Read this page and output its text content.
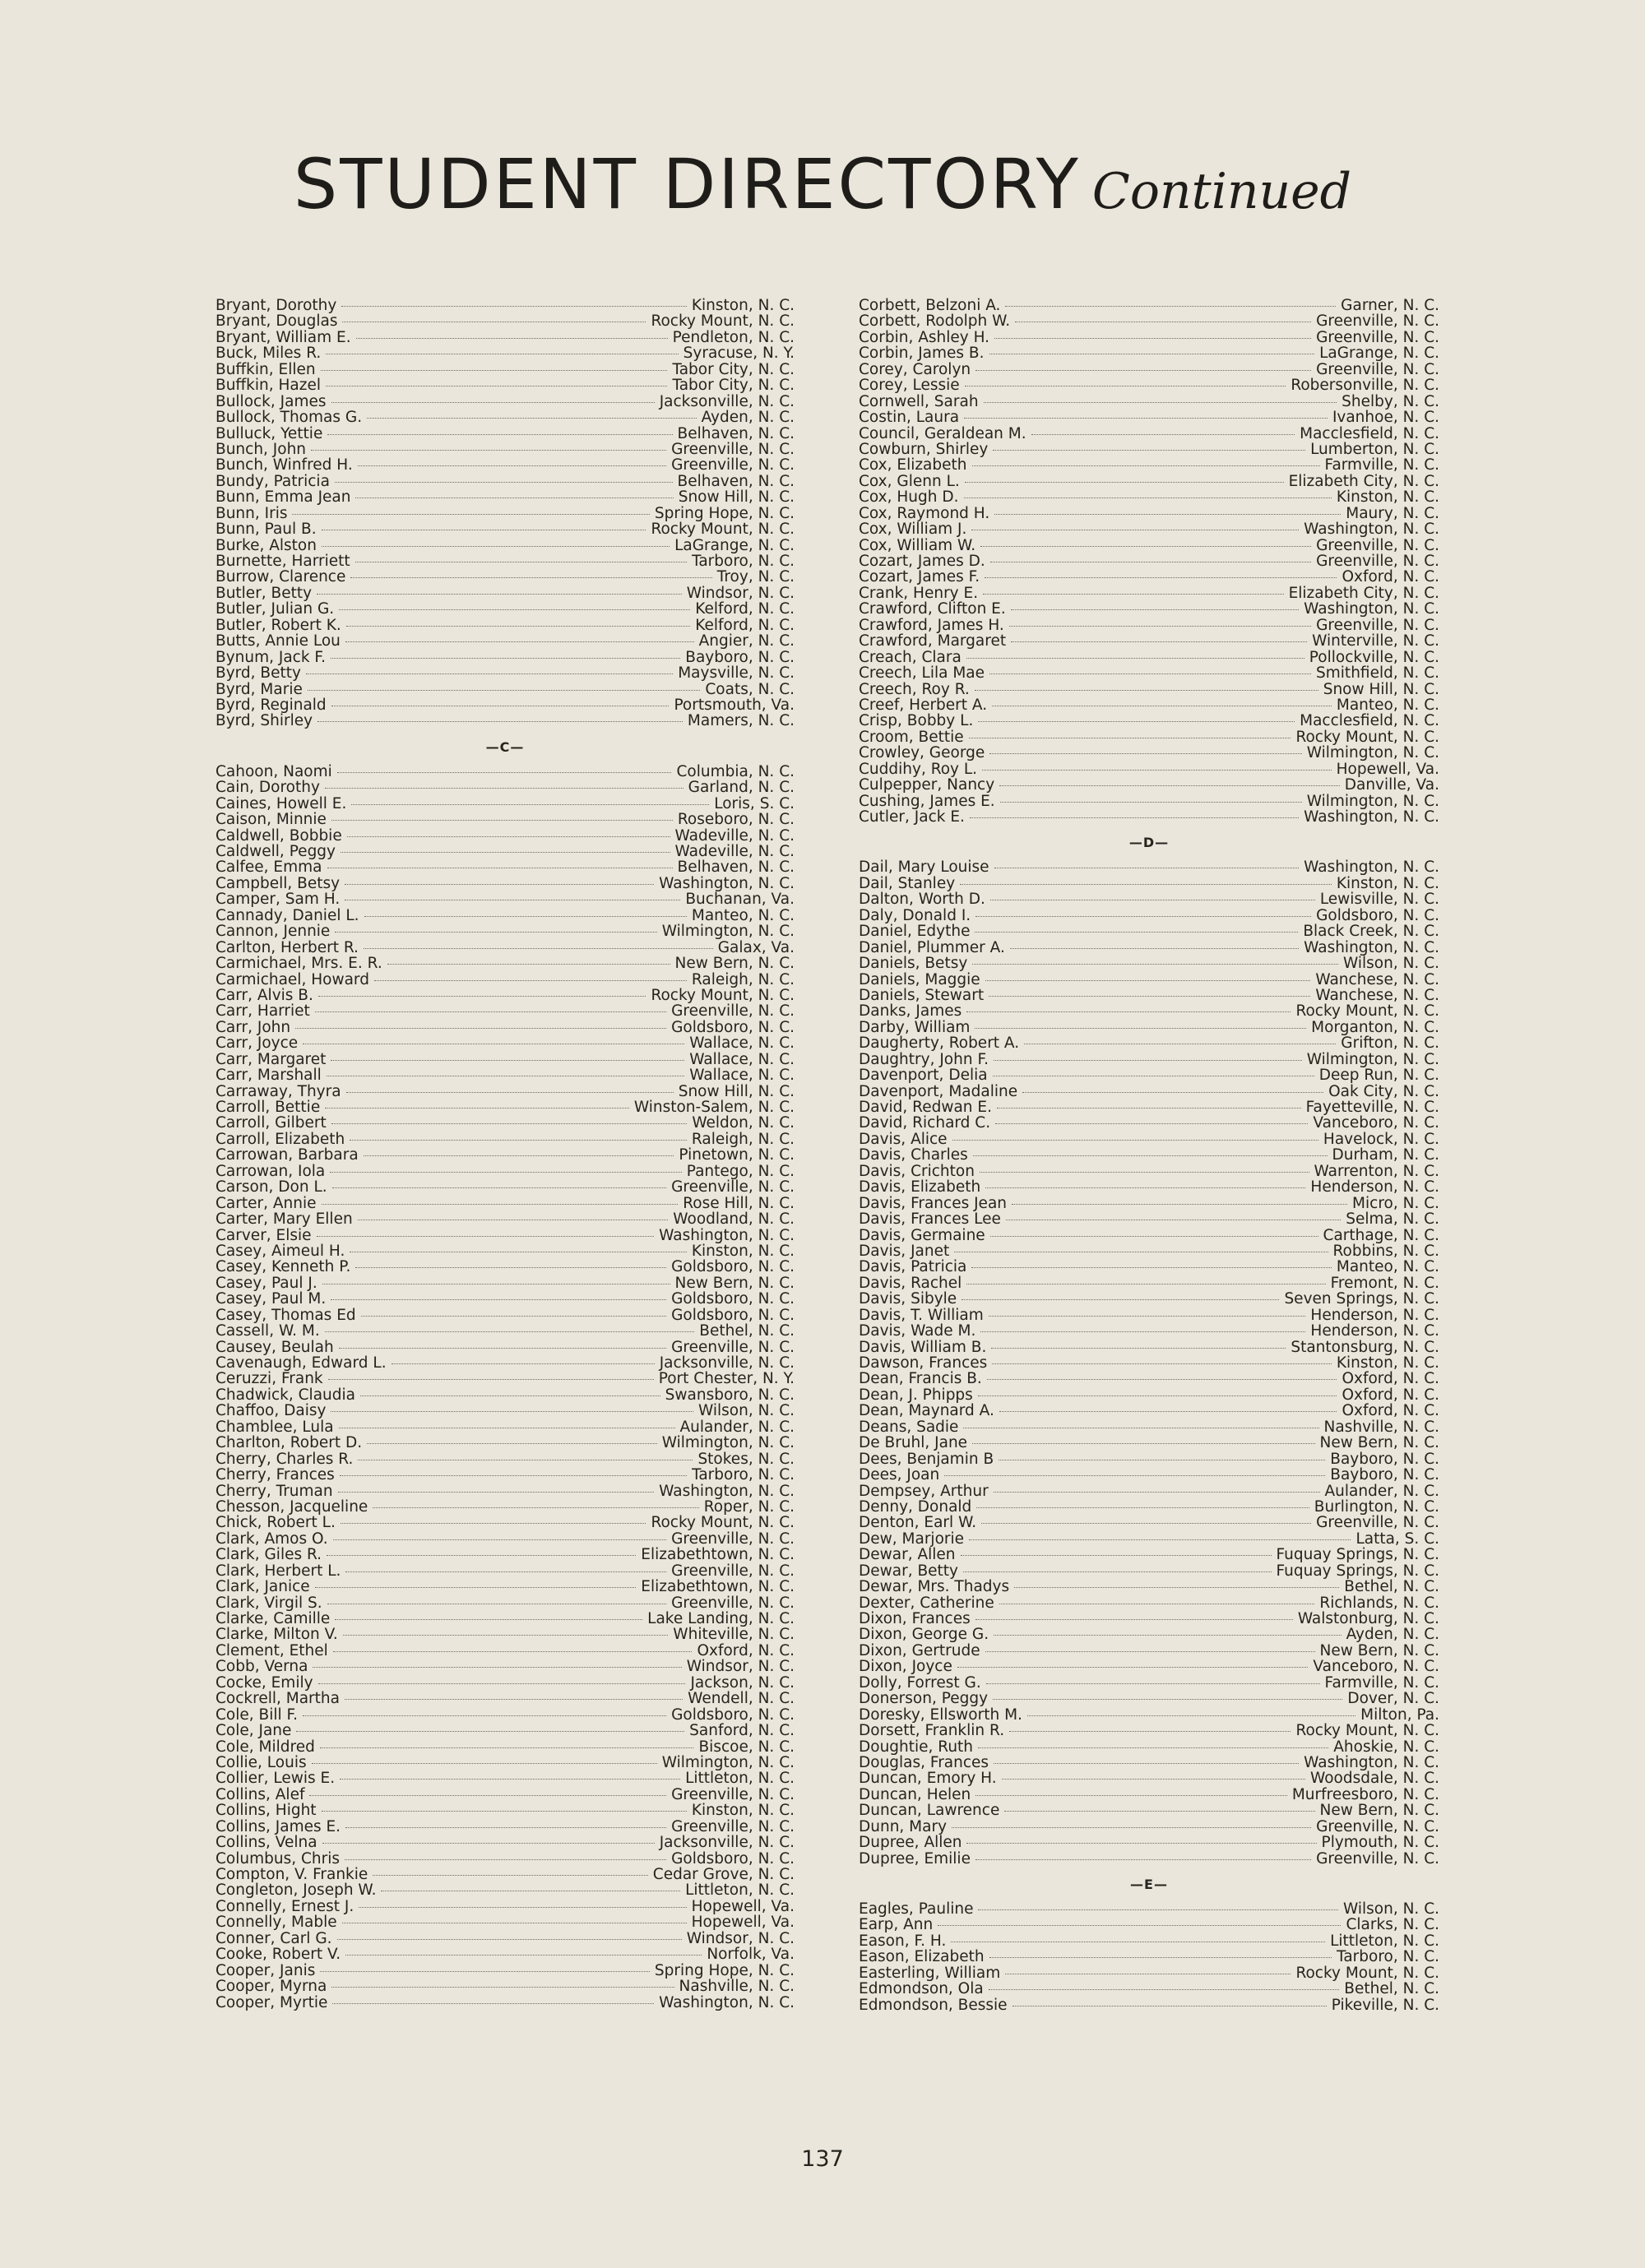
STUDENT DIRECTORY Continued
Bryant, Dorothy	Kinston, N. C.
Bryant, Douglas	Rocky Mount, N. C.
Bryant, William E.	Pendleton, N. C.
Buck, Miles R.	Syracuse, N. Y.
Buffkin, Ellen	Tabor City, N. C.
Buffkin, Hazel	Tabor City, N. C.
Bullock, James	Jacksonville, N. C.
Bullock, Thomas G.	Ayden, N. C.
Bulluck, Yettie	Belhaven, N. C.
Bunch, John	Greenville, N. C.
Bunch, Winfred H.	Greenville, N. C.
Bundy, Patricia	Belhaven, N. C.
Bunn, Emma Jean	Snow Hill, N. C.
Bunn, Iris	Spring Hope, N. C.
Bunn, Paul B.	Rocky Mount, N. C.
Burke, Alston	LaGrange, N. C.
Burnette, Harriett	Tarboro, N. C.
Burrow, Clarence	Troy, N. C.
Butler, Betty	Windsor, N. C.
Butler, Julian G.	Kelford, N. C.
Butler, Robert K.	Kelford, N. C.
Butts, Annie Lou	Angier, N. C.
Bynum, Jack F.	Bayboro, N. C.
Byrd, Betty	Maysville, N. C.
Byrd, Marie	Coats, N. C.
Byrd, Reginald	Portsmouth, Va.
Byrd, Shirley	Mamers, N. C.
—C—
Cahoon, Naomi	Columbia, N. C.
Cain, Dorothy	Garland, N. C.
Caines, Howell E.	Loris, S. C.
Caison, Minnie	Roseboro, N. C.
Caldwell, Bobbie	Wadeville, N. C.
Caldwell, Peggy	Wadeville, N. C.
Calfee, Emma	Belhaven, N. C.
Campbell, Betsy	Washington, N. C.
Camper, Sam H.	Buchanan, Va.
Cannady, Daniel L.	Manteo, N. C.
Cannon, Jennie	Wilmington, N. C.
Carlton, Herbert R.	Galax, Va.
Carmichael, Mrs. E. R.	New Bern, N. C.
Carmichael, Howard	Raleigh, N. C.
Carr, Alvis B.	Rocky Mount, N. C.
Carr, Harriet	Greenville, N. C.
Carr, John	Goldsboro, N. C.
Carr, Joyce	Wallace, N. C.
Carr, Margaret	Wallace, N. C.
Carr, Marshall	Wallace, N. C.
Carraway, Thyra	Snow Hill, N. C.
Carroll, Bettie	Winston-Salem, N. C.
Carroll, Gilbert	Weldon, N. C.
Carroll, Elizabeth	Raleigh, N. C.
Carrowan, Barbara	Pinetown, N. C.
Carrowan, Iola	Pantego, N. C.
Carson, Don L.	Greenville, N. C.
Carter, Annie	Rose Hill, N. C.
Carter, Mary Ellen	Woodland, N. C.
Carver, Elsie	Washington, N. C.
Casey, Aimeul H.	Kinston, N. C.
Casey, Kenneth P.	Goldsboro, N. C.
Casey, Paul J.	New Bern, N. C.
Casey, Paul M.	Goldsboro, N. C.
Casey, Thomas Ed	Goldsboro, N. C.
Cassell, W. M.	Bethel, N. C.
Causey, Beulah	Greenville, N. C.
Cavenaugh, Edward L.	Jacksonville, N. C.
Ceruzzi, Frank	Port Chester, N. Y.
Chadwick, Claudia	Swansboro, N. C.
Chaffoo, Daisy	Wilson, N. C.
Chamblee, Lula	Aulander, N. C.
Charlton, Robert D.	Wilmington, N. C.
Cherry, Charles R.	Stokes, N. C.
Cherry, Frances	Tarboro, N. C.
Cherry, Truman	Washington, N. C.
Chesson, Jacqueline	Roper, N. C.
Chick, Robert L.	Rocky Mount, N. C.
Clark, Amos O.	Greenville, N. C.
Clark, Giles R.	Elizabethtown, N. C.
Clark, Herbert L.	Greenville, N. C.
Clark, Janice	Elizabethtown, N. C.
Clark, Virgil S.	Greenville, N. C.
Clarke, Camille	Lake Landing, N. C.
Clarke, Milton V.	Whiteville, N. C.
Clement, Ethel	Oxford, N. C.
Cobb, Verna	Windsor, N. C.
Cocke, Emily	Jackson, N. C.
Cockrell, Martha	Wendell, N. C.
Cole, Bill F.	Goldsboro, N. C.
Cole, Jane	Sanford, N. C.
Cole, Mildred	Biscoe, N. C.
Collie, Louis	Wilmington, N. C.
Collier, Lewis E.	Littleton, N. C.
Collins, Alef	Greenville, N. C.
Collins, Hight	Kinston, N. C.
Collins, James E.	Greenville, N. C.
Collins, Velna	Jacksonville, N. C.
Columbus, Chris	Goldsboro, N. C.
Compton, V. Frankie	Cedar Grove, N. C.
Congleton, Joseph W.	Littleton, N. C.
Connelly, Ernest J.	Hopewell, Va.
Connelly, Mable	Hopewell, Va.
Conner, Carl G.	Windsor, N. C.
Cooke, Robert V.	Norfolk, Va.
Cooper, Janis	Spring Hope, N. C.
Cooper, Myrna	Nashville, N. C.
Cooper, Myrtie	Washington, N. C.
Corbett, Belzoni A.	Garner, N. C.
Corbett, Rodolph W.	Greenville, N. C.
Corbin, Ashley H.	Greenville, N. C.
Corbin, James B.	LaGrange, N. C.
Corey, Carolyn	Greenville, N. C.
Corey, Lessie	Robersonville, N. C.
Cornwell, Sarah	Shelby, N. C.
Costin, Laura	Ivanhoe, N. C.
Council, Geraldean M.	Macclesfield, N. C.
Cowburn, Shirley	Lumberton, N. C.
Cox, Elizabeth	Farmville, N. C.
Cox, Glenn L.	Elizabeth City, N. C.
Cox, Hugh D.	Kinston, N. C.
Cox, Raymond H.	Maury, N. C.
Cox, William J.	Washington, N. C.
Cox, William W.	Greenville, N. C.
Cozart, James D.	Greenville, N. C.
Cozart, James F.	Oxford, N. C.
Crank, Henry E.	Elizabeth City, N. C.
Crawford, Clifton E.	Washington, N. C.
Crawford, James H.	Greenville, N. C.
Crawford, Margaret	Winterville, N. C.
Creach, Clara	Pollockville, N. C.
Creech, Lila Mae	Smithfield, N. C.
Creech, Roy R.	Snow Hill, N. C.
Creef, Herbert A.	Manteo, N. C.
Crisp, Bobby L.	Macclesfield, N. C.
Croom, Bettie	Rocky Mount, N. C.
Crowley, George	Wilmington, N. C.
Cuddihy, Roy L.	Hopewell, Va.
Culpepper, Nancy	Danville, Va.
Cushing, James E.	Wilmington, N. C.
Cutler, Jack E.	Washington, N. C.
—D—
Dail, Mary Louise	Washington, N. C.
Dail, Stanley	Kinston, N. C.
Dalton, Worth D.	Lewisville, N. C.
Daly, Donald I.	Goldsboro, N. C.
Daniel, Edythe	Black Creek, N. C.
Daniel, Plummer A.	Washington, N. C.
Daniels, Betsy	Wilson, N. C.
Daniels, Maggie	Wanchese, N. C.
Daniels, Stewart	Wanchese, N. C.
Danks, James	Rocky Mount, N. C.
Darby, William	Morganton, N. C.
Daugherty, Robert A.	Grifton, N. C.
Daughtry, John F.	Wilmington, N. C.
Davenport, Delia	Deep Run, N. C.
Davenport, Madaline	Oak City, N. C.
David, Redwan E.	Fayetteville, N. C.
David, Richard C.	Vanceboro, N. C.
Davis, Alice	Havelock, N. C.
Davis, Charles	Durham, N. C.
Davis, Crichton	Warrenton, N. C.
Davis, Elizabeth	Henderson, N. C.
Davis, Frances Jean	Micro, N. C.
Davis, Frances Lee	Selma, N. C.
Davis, Germaine	Carthage, N. C.
Davis, Janet	Robbins, N. C.
Davis, Patricia	Manteo, N. C.
Davis, Rachel	Fremont, N. C.
Davis, Sibyle	Seven Springs, N. C.
Davis, T. William	Henderson, N. C.
Davis, Wade M.	Henderson, N. C.
Davis, William B.	Stantonsburg, N. C.
Dawson, Frances	Kinston, N. C.
Dean, Francis B.	Oxford, N. C.
Dean, J. Phipps	Oxford, N. C.
Dean, Maynard A.	Oxford, N. C.
Deans, Sadie	Nashville, N. C.
De Bruhl, Jane	New Bern, N. C.
Dees, Benjamin B	Bayboro, N. C.
Dees, Joan	Bayboro, N. C.
Dempsey, Arthur	Aulander, N. C.
Denny, Donald	Burlington, N. C.
Denton, Earl W.	Greenville, N. C.
Dew, Marjorie	Latta, S. C.
Dewar, Allen	Fuquay Springs, N. C.
Dewar, Betty	Fuquay Springs, N. C.
Dewar, Mrs. Thadys	Bethel, N. C.
Dexter, Catherine	Richlands, N. C.
Dixon, Frances	Walstonburg, N. C.
Dixon, George G.	Ayden, N. C.
Dixon, Gertrude	New Bern, N. C.
Dixon, Joyce	Vanceboro, N. C.
Dolly, Forrest G.	Farmville, N. C.
Donerson, Peggy	Dover, N. C.
Doresky, Ellsworth M.	Milton, Pa.
Dorsett, Franklin R.	Rocky Mount, N. C.
Doughtie, Ruth	Ahoskie, N. C.
Douglas, Frances	Washington, N. C.
Duncan, Emory H.	Woodsdale, N. C.
Duncan, Helen	Murfreesboro, N. C.
Duncan, Lawrence	New Bern, N. C.
Dunn, Mary	Greenville, N. C.
Dupree, Allen	Plymouth, N. C.
Dupree, Emilie	Greenville, N. C.
—E—
Eagles, Pauline	Wilson, N. C.
Earp, Ann	Clarks, N. C.
Eason, F. H.	Littleton, N. C.
Eason, Elizabeth	Tarboro, N. C.
Easterling, William	Rocky Mount, N. C.
Edmondson, Ola	Bethel, N. C.
Edmondson, Bessie	Pikeville, N. C.
137
